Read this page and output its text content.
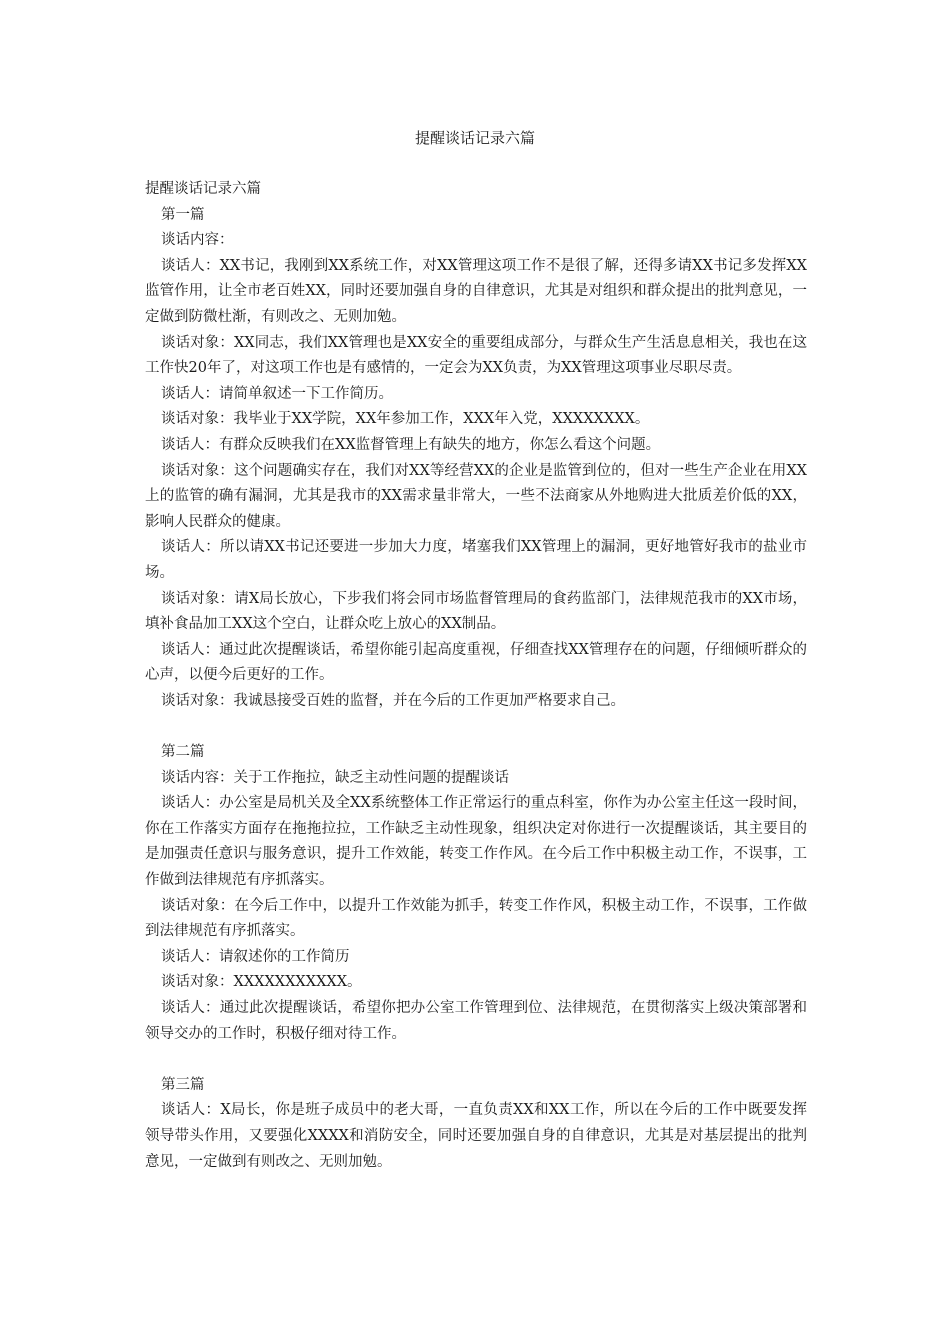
提醒谈话记录六篇

提醒谈话记录六篇

第一篇

谈话内容：

谈话人：XX书记，我刚到XX系统工作，对XX管理这项工作不是很了解，还得多请XX书记多发挥XX监管作用，让全市老百姓XX，同时还要加强自身的自律意识，尤其是对组织和群众提出的批判意见，一定做到防微杜渐，有则改之、无则加勉。

谈话对象：XX同志，我们XX管理也是XX安全的重要组成部分，与群众生产生活息息相关，我也在这工作快20年了，对这项工作也是有感情的，一定会为XX负责，为XX管理这项事业尽职尽责。

谈话人：请简单叙述一下工作简历。

谈话对象：我毕业于XX学院，XX年参加工作，XXX年入党，XXXXXXXX。

谈话人：有群众反映我们在XX监督管理上有缺失的地方，你怎么看这个问题。

谈话对象：这个问题确实存在，我们对XX等经营XX的企业是监管到位的，但对一些生产企业在用XX上的监管的确有漏洞，尤其是我市的XX需求量非常大，一些不法商家从外地购进大批质差价低的XX，影响人民群众的健康。

谈话人：所以请XX书记还要进一步加大力度，堵塞我们XX管理上的漏洞，更好地管好我市的盐业市场。

谈话对象：请X局长放心，下步我们将会同市场监督管理局的食药监部门，法律规范我市的XX市场，填补食品加工XX这个空白，让群众吃上放心的XX制品。

谈话人：通过此次提醒谈话，希望你能引起高度重视，仔细查找XX管理存在的问题，仔细倾听群众的心声，以便今后更好的工作。

谈话对象：我诚恳接受百姓的监督，并在今后的工作更加严格要求自己。

第二篇

谈话内容：关于工作拖拉，缺乏主动性问题的提醒谈话

谈话人：办公室是局机关及全XX系统整体工作正常运行的重点科室，你作为办公室主任这一段时间，你在工作落实方面存在拖拖拉拉，工作缺乏主动性现象，组织决定对你进行一次提醒谈话，其主要目的是加强责任意识与服务意识，提升工作效能，转变工作作风。在今后工作中积极主动工作，不误事，工作做到法律规范有序抓落实。

谈话对象：在今后工作中，以提升工作效能为抓手，转变工作作风，积极主动工作，不误事，工作做到法律规范有序抓落实。

谈话人：请叙述你的工作简历

谈话对象：XXXXXXXXXXX。

谈话人：通过此次提醒谈话，希望你把办公室工作管理到位、法律规范，在贯彻落实上级决策部署和领导交办的工作时，积极仔细对待工作。

第三篇

谈话人：X局长，你是班子成员中的老大哥，一直负责XX和XX工作，所以在今后的工作中既要发挥领导带头作用，又要强化XXXX和消防安全，同时还要加强自身的自律意识，尤其是对基层提出的批判意见，一定做到有则改之、无则加勉。
